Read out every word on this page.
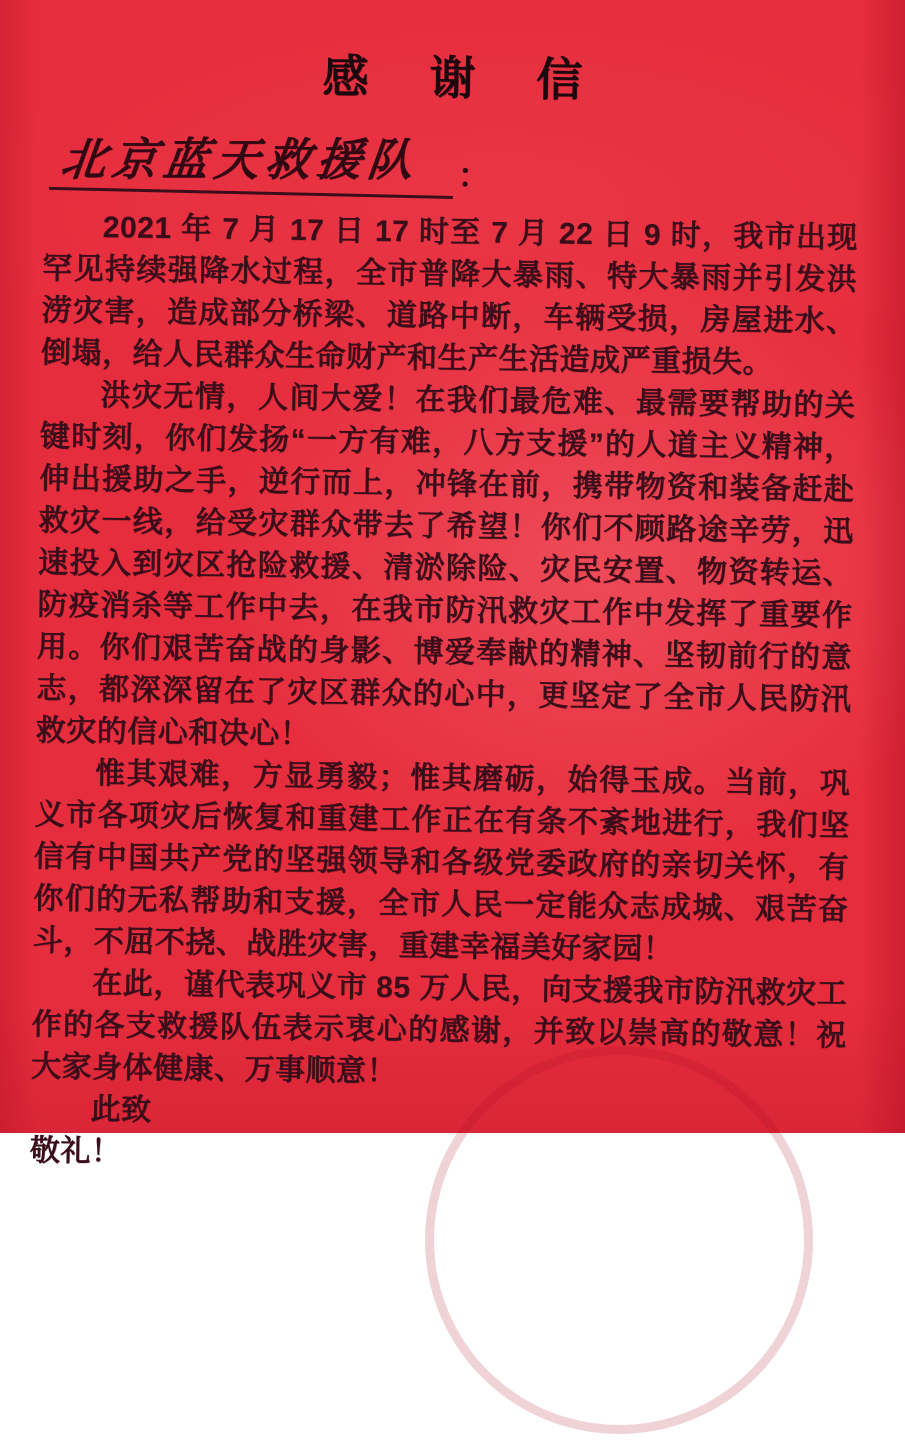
感 谢 信
北京蓝天救援队 ：

2021 年 7 月 17 日 17 时至 7 月 22 日 9 时，我市出现罕见持续强降水过程，全市普降大暴雨、特大暴雨并引发洪涝灾害，造成部分桥梁、道路中断，车辆受损，房屋进水、倒塌，给人民群众生命财产和生产生活造成严重损失。

洪灾无情，人间大爱！在我们最危难、最需要帮助的关键时刻，你们发扬“一方有难，八方支援”的人道主义精神，伸出援助之手，逆行而上，冲锋在前，携带物资和装备赶赴救灾一线，给受灾群众带去了希望！你们不顾路途辛劳，迅速投入到灾区抢险救援、清淤除险、灾民安置、物资转运、防疫消杀等工作中去，在我市防汛救灾工作中发挥了重要作用。你们艰苦奋战的身影、博爱奉献的精神、坚韧前行的意志，都深深留在了灾区群众的心中，更坚定了全市人民防汛救灾的信心和决心！

惟其艰难，方显勇毅；惟其磨砺，始得玉成。当前，巩义市各项灾后恢复和重建工作正在有条不紊地进行，我们坚信有中国共产党的坚强领导和各级党委政府的亲切关怀，有你们的无私帮助和支援，全市人民一定能众志成城、艰苦奋斗，不屈不挠、战胜灾害，重建幸福美好家园！

在此，谨代表巩义市 85 万人民，向支援我市防汛救灾工作的各支救援队伍表示衷心的感谢，并致以崇高的敬意！祝大家身体健康、万事顺意！

此致

敬礼！
